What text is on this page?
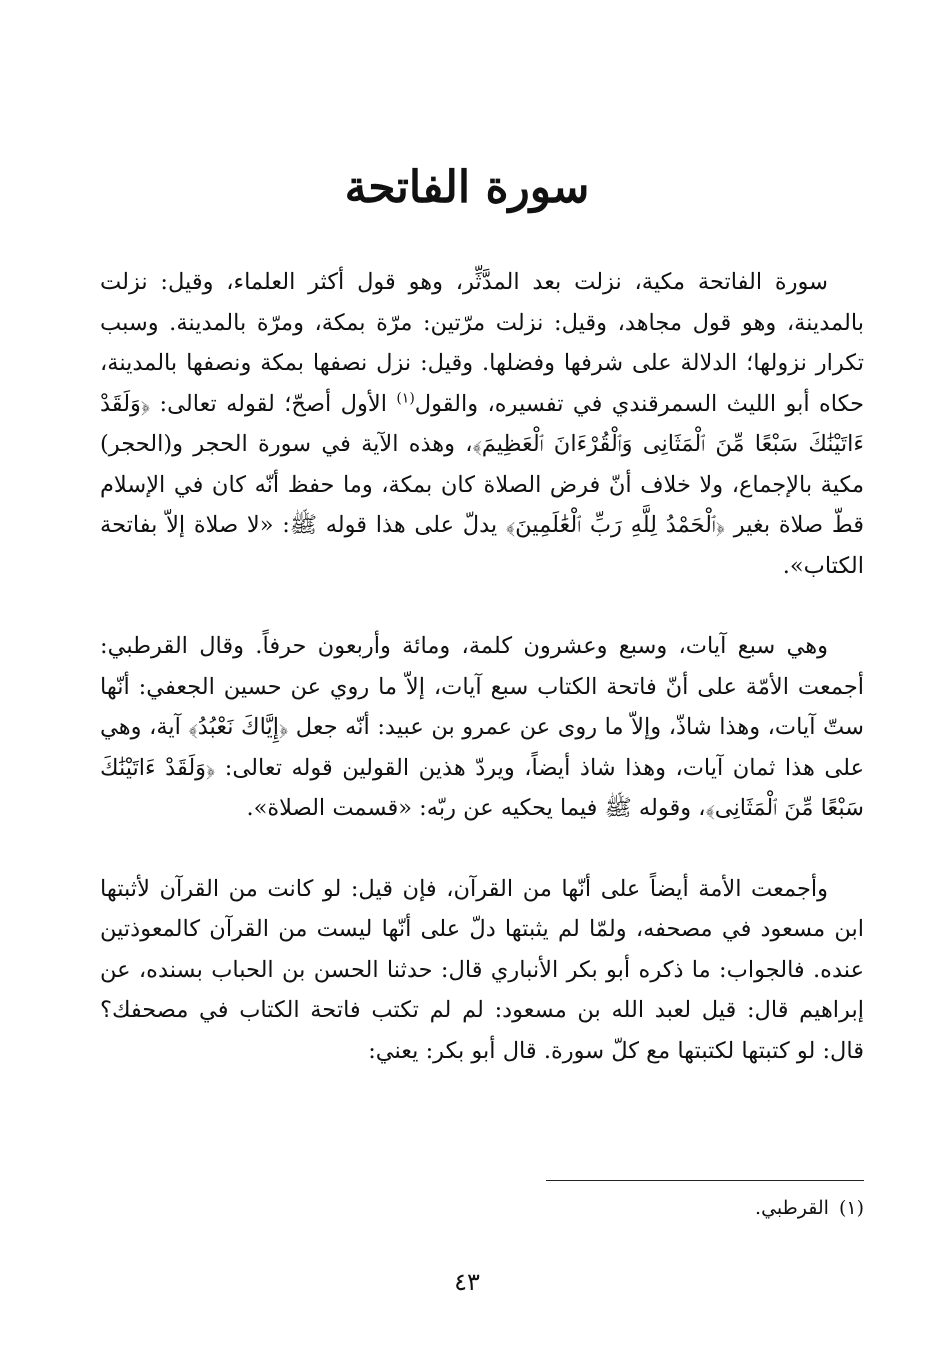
سورة الفاتحة

سورة الفاتحة مكية، نزلت بعد المدَّثِّر، وهو قول أكثر العلماء، وقيل: نزلت بالمدينة، وهو قول مجاهد، وقيل: نزلت مرّتين: مرّة بمكة، ومرّة بالمدينة. وسبب تكرار نزولها؛ الدلالة على شرفها وفضلها. وقيل: نزل نصفها بمكة ونصفها بالمدينة، حكاه أبو الليث السمرقندي في تفسيره، والقول$^{(١)}$ الأول أصحّ؛ لقوله تعالى: ﴿وَلَقَدْ ءَاتَيْنَٰكَ سَبْعًا مِّنَ ٱلْمَثَانِى وَٱلْقُرْءَانَ ٱلْعَظِيمَ﴾، وهذه الآية في سورة الحجر و(الحجر) مكية بالإجماع، ولا خلاف أنّ فرض الصلاة كان بمكة، وما حفظ أنّه كان في الإسلام قطّ صلاة بغير ﴿ٱلْحَمْدُ لِلَّهِ رَبِّ ٱلْعَٰلَمِينَ﴾ يدلّ على هذا قوله ﷺ: «لا صلاة إلاّ بفاتحة الكتاب».

وهي سبع آيات، وسبع وعشرون كلمة، ومائة وأربعون حرفاً. وقال القرطبي: أجمعت الأمّة على أنّ فاتحة الكتاب سبع آيات، إلاّ ما روي عن حسين الجعفي: أنّها ستّ آيات، وهذا شاذّ، وإلاّ ما روى عن عمرو بن عبيد: أنّه جعل ﴿إِيَّاكَ نَعْبُدُ﴾ آية، وهي على هذا ثمان آيات، وهذا شاذ أيضاً، ويردّ هذين القولين قوله تعالى: ﴿وَلَقَدْ ءَاتَيْنَٰكَ سَبْعًا مِّنَ ٱلْمَثَانِى﴾، وقوله ﷺ فيما يحكيه عن ربّه: «قسمت الصلاة».

وأجمعت الأمة أيضاً على أنّها من القرآن، فإن قيل: لو كانت من القرآن لأثبتها ابن مسعود في مصحفه، ولمّا لم يثبتها دلّ على أنّها ليست من القرآن كالمعوذتين عنده. فالجواب: ما ذكره أبو بكر الأنباري قال: حدثنا الحسن بن الحباب بسنده، عن إبراهيم قال: قيل لعبد الله بن مسعود: لم لم تكتب فاتحة الكتاب في مصحفك؟ قال: لو كتبتها لكتبتها مع كلّ سورة. قال أبو بكر: يعني:

(١)القرطبي.

٤٣
